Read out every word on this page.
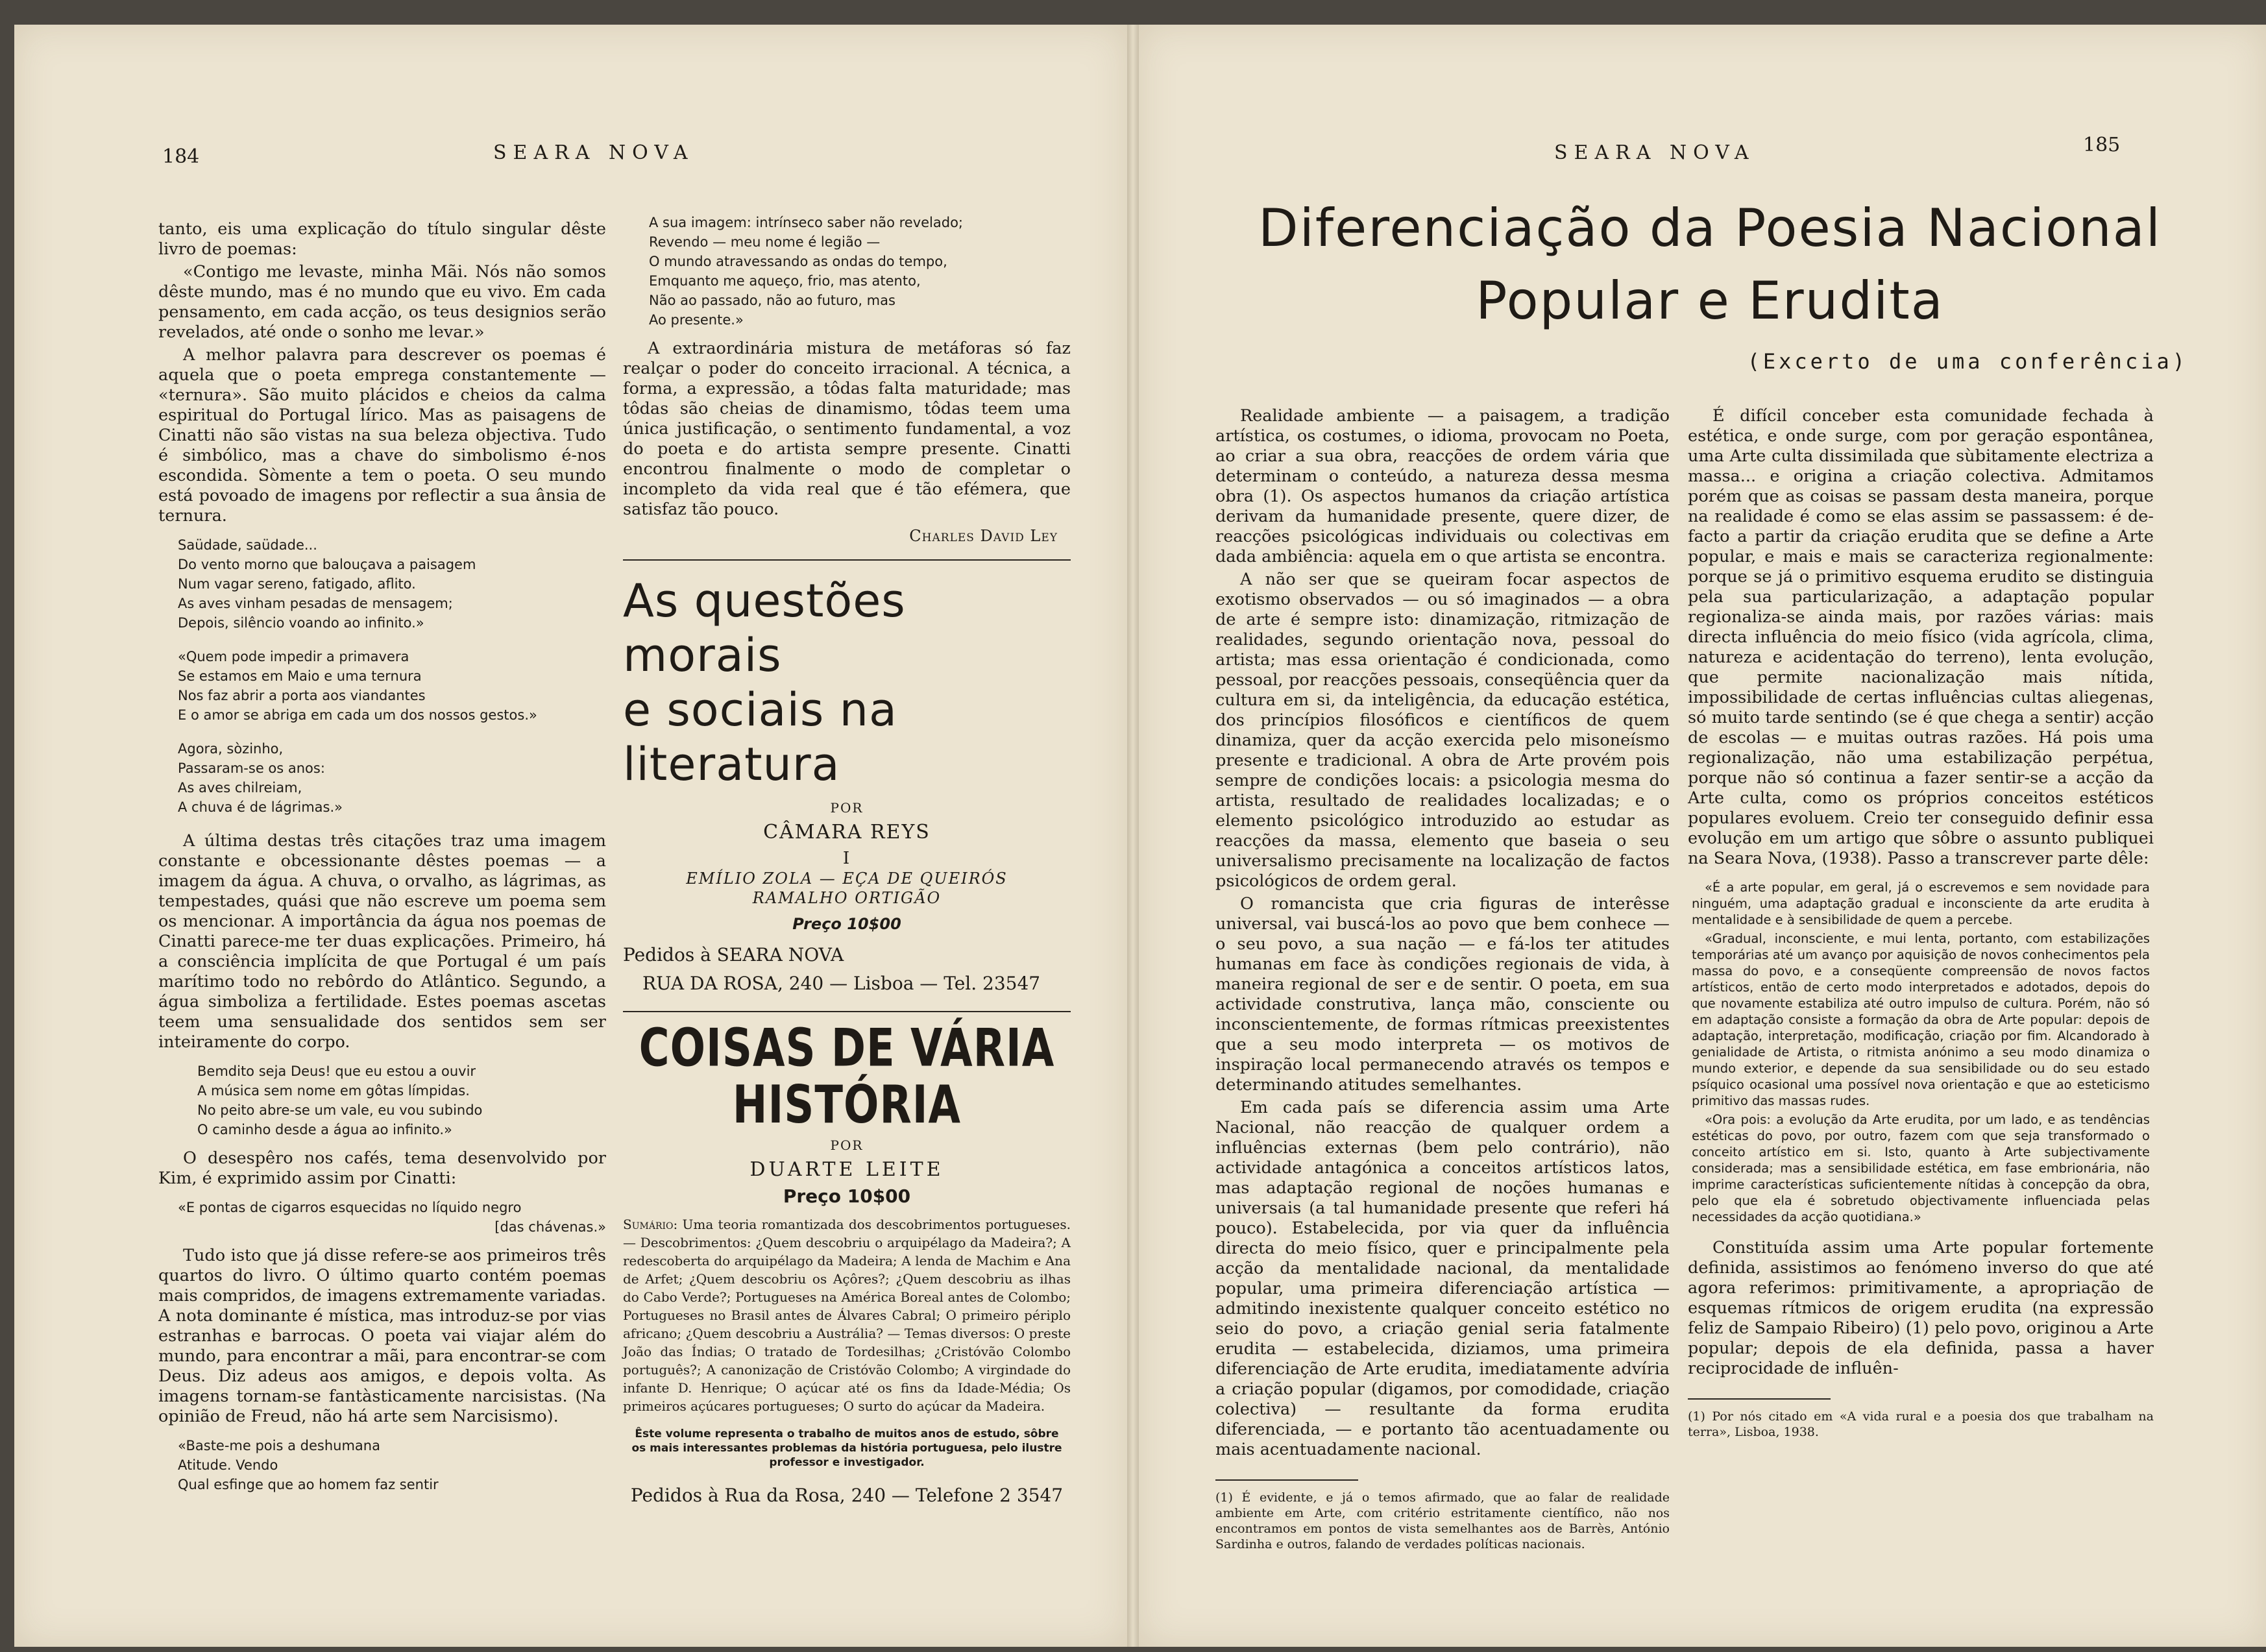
184	SEARA NOVA

tanto, eis uma explicação do título singular dêste livro de poemas:

«Contigo me levaste, minha Mãi. Nós não somos dêste mundo, mas é no mundo que eu vivo. Em cada pensamento, em cada acção, os teus designios serão revelados, até onde o sonho me levar.»

A melhor palavra para descrever os poemas é aquela que o poeta emprega constantemente — «ternura». São muito plácidos e cheios da calma espiritual do Portugal lírico. Mas as paisagens de Cinatti não são vistas na sua beleza objectiva. Tudo é simbólico, mas a chave do simbolismo é-nos escondida. Sòmente a tem o poeta. O seu mundo está povoado de imagens por reflectir a sua ânsia de ternura.

Saüdade, saüdade...
Do vento morno que balouçava a paisagem
Num vagar sereno, fatigado, aflito.
As aves vinham pesadas de mensagem;
Depois, silêncio voando ao infinito.»
«Quem pode impedir a primavera
Se estamos em Maio e uma ternura
Nos faz abrir a porta aos viandantes
E o amor se abriga em cada um dos nossos gestos.»
Agora, sòzinho,
Passaram-se os anos:
As aves chilreiam,
A chuva é de lágrimas.»

A última destas três citações traz uma imagem constante e obcessionante dêstes poemas — a imagem da água. A chuva, o orvalho, as lágrimas, as tempestades, quási que não escreve um poema sem os mencionar. A importância da água nos poemas de Cinatti parece-me ter duas explicações. Primeiro, há a consciência implícita de que Portugal é um país marítimo todo no rebôrdo do Atlântico. Segundo, a água simboliza a fertilidade. Estes poemas ascetas teem uma sensualidade dos sentidos sem ser inteiramente do corpo.

Bemdito seja Deus! que eu estou a ouvir
A música sem nome em gôtas límpidas.
No peito abre-se um vale, eu vou subindo
O caminho desde a água ao infinito.»

O desespêro nos cafés, tema desenvolvido por Kim, é exprimido assim por Cinatti:

«E pontas de cigarros esquecidas no líquido negro
[das chávenas.»

Tudo isto que já disse refere-se aos primeiros três quartos do livro. O último quarto contém poemas mais compridos, de imagens extremamente variadas. A nota dominante é mística, mas introduz-se por vias estranhas e barrocas. O poeta vai viajar além do mundo, para encontrar a mãi, para encontrar-se com Deus. Diz adeus aos amigos, e depois volta. As imagens tornam-se fantàsticamente narcisistas. (Na opinião de Freud, não há arte sem Narcisismo).

«Baste-me pois a deshumana
Atitude. Vendo
Qual esfinge que ao homem faz sentir
A sua imagem: intrínseco saber não revelado;
Revendo — meu nome é legião —
O mundo atravessando as ondas do tempo,
Emquanto me aqueço, frio, mas atento,
Não ao passado, não ao futuro, mas
Ao presente.»

A extraordinária mistura de metáforas só faz realçar o poder do conceito irracional. A técnica, a forma, a expressão, a tôdas falta maturidade; mas tôdas são cheias de dinamismo, tôdas teem uma única justificação, o sentimento fundamental, a voz do poeta e do artista sempre presente. Cinatti encontrou finalmente o modo de completar o incompleto da vida real que é tão efémera, que satisfaz tão pouco.

Charles David Ley
As questões morais
e sociais na literatura
POR
CÂMARA REYS
I
EMÍLIO ZOLA — EÇA DE QUEIRÓS
RAMALHO ORTIGÃO
Preço 10$00
Pedidos à SEARA NOVA
RUA DA ROSA, 240 — Lisboa — Tel. 23547
COISAS DE VÁRIA HISTÓRIA
POR
DUARTE LEITE
Preço 10$00
Sumário: Uma teoria romantizada dos descobrimentos portugueses.— Descobrimentos: ¿Quem descobriu o arquipélago da Madeira?; A redescoberta do arquipélago da Madeira; A lenda de Machim e Ana de Arfet; ¿Quem descobriu os Açôres?; ¿Quem descobriu as ilhas do Cabo Verde?; Portugueses na América Boreal antes de Colombo; Portugueses no Brasil antes de Álvares Cabral; O primeiro périplo africano; ¿Quem descobriu a Austrália? — Temas diversos: O preste João das Índias; O tratado de Tordesilhas; ¿Cristóvão Colombo português?; A canonização de Cristóvão Colombo; A virgindade do infante D. Henrique; O açúcar até os fins da Idade-Média; Os primeiros açúcares portugueses; O surto do açúcar da Madeira.
Êste volume representa o trabalho de muitos anos de estudo, sôbre os mais interessantes problemas da história portuguesa, pelo ilustre professor e investigador.
Pedidos à Rua da Rosa, 240 — Telefone 2 3547
SEARA NOVA	185
Diferenciação da Poesia Nacional
Popular e Erudita
(Excerto de uma conferência)

Realidade ambiente — a paisagem, a tradição artística, os costumes, o idioma, provocam no Poeta, ao criar a sua obra, reacções de ordem vária que determinam o conteúdo, a natureza dessa mesma obra (1). Os aspectos humanos da criação artística derivam da humanidade presente, quere dizer, de reacções psicológicas individuais ou colectivas em dada ambiência: aquela em o que artista se encontra.

A não ser que se queiram focar aspectos de exotismo observados — ou só imaginados — a obra de arte é sempre isto: dinamização, ritmização de realidades, segundo orientação nova, pessoal do artista; mas essa orientação é condicionada, como pessoal, por reacções pessoais, conseqüência quer da cultura em si, da inteligência, da educação estética, dos princípios filosóficos e científicos de quem dinamiza, quer da acção exercida pelo misoneísmo presente e tradicional. A obra de Arte provém pois sempre de condições locais: a psicologia mesma do artista, resultado de realidades localizadas; e o elemento psicológico introduzido ao estudar as reacções da massa, elemento que baseia o seu universalismo precisamente na localização de factos psicológicos de ordem geral.

O romancista que cria figuras de interêsse universal, vai buscá-los ao povo que bem conhece — o seu povo, a sua nação — e fá-los ter atitudes humanas em face às condições regionais de vida, à maneira regional de ser e de sentir. O poeta, em sua actividade construtiva, lança mão, consciente ou inconscientemente, de formas rítmicas preexistentes que a seu modo interpreta — os motivos de inspiração local permanecendo através os tempos e determinando atitudes semelhantes.

Em cada país se diferencia assim uma Arte Nacional, não reacção de qualquer ordem a influências externas (bem pelo contrário), não actividade antagónica a conceitos artísticos latos, mas adaptação regional de noções humanas e universais (a tal humanidade presente que referi há pouco). Estabelecida, por via quer da influência directa do meio físico, quer e principalmente pela acção da mentalidade nacional, da mentalidade popular, uma primeira diferenciação artística — admitindo inexistente qualquer conceito estético no seio do povo, a criação genial seria fatalmente erudita — estabelecida, diziamos, uma primeira diferenciação de Arte erudita, imediatamente advíria a criação popular (digamos, por comodidade, criação colectiva) — resultante da forma erudita diferenciada, — e portanto tão acentuadamente ou mais acentuadamente nacional.

(1) É evidente, e já o temos afirmado, que ao falar de realidade ambiente em Arte, com critério estritamente científico, não nos encontramos em pontos de vista semelhantes aos de Barrès, António Sardinha e outros, falando de verdades políticas nacionais.

É difícil conceber esta comunidade fechada à estética, e onde surge, com por geração espontânea, uma Arte culta dissimilada que sùbitamente electriza a massa... e origina a criação colectiva. Admitamos porém que as coisas se passam desta maneira, porque na realidade é como se elas assim se passassem: é de-facto a partir da criação erudita que se define a Arte popular, e mais e mais se caracteriza regionalmente: porque se já o primitivo esquema erudito se distinguia pela sua particularização, a adaptação popular regionaliza-se ainda mais, por razões várias: mais directa influência do meio físico (vida agrícola, clima, natureza e acidentação do terreno), lenta evolução, que permite nacionalização mais nítida, impossibilidade de certas influências cultas aliegenas, só muito tarde sentindo (se é que chega a sentir) acção de escolas — e muitas outras razões. Há pois uma regionalização, não uma estabilização perpétua, porque não só continua a fazer sentir-se a acção da Arte culta, como os próprios conceitos estéticos populares evoluem. Creio ter conseguido definir essa evolução em um artigo que sôbre o assunto publiquei na Seara Nova, (1938). Passo a transcrever parte dêle:

«É a arte popular, em geral, já o escrevemos e sem novidade para ninguém, uma adaptação gradual e inconsciente da arte erudita à mentalidade e à sensibilidade de quem a percebe.

«Gradual, inconsciente, e mui lenta, portanto, com estabilizações temporárias até um avanço por aquisição de novos conhecimentos pela massa do povo, e a conseqüente compreensão de novos factos artísticos, então de certo modo interpretados e adotados, depois do que novamente estabiliza até outro impulso de cultura. Porém, não só em adaptação consiste a formação da obra de Arte popular: depois de adaptação, interpretação, modificação, criação por fim. Alcandorado à genialidade de Artista, o ritmista anónimo a seu modo dinamiza o mundo exterior, e depende da sua sensibilidade ou do seu estado psíquico ocasional uma possível nova orientação e que ao esteticismo primitivo das massas rudes.

«Ora pois: a evolução da Arte erudita, por um lado, e as tendências estéticas do povo, por outro, fazem com que seja transformado o conceito artístico em si. Isto, quanto à Arte subjectivamente considerada; mas a sensibilidade estética, em fase embrionária, não imprime características suficientemente nítidas à concepção da obra, pelo que ela é sobretudo objectivamente influenciada pelas necessidades da acção quotidiana.»

Constituída assim uma Arte popular fortemente definida, assistimos ao fenómeno inverso do que até agora referimos: primitivamente, a apropriação de esquemas rítmicos de origem erudita (na expressão feliz de Sampaio Ribeiro) (1) pelo povo, originou a Arte popular; depois de ela definida, passa a haver reciprocidade de influên-

(1) Por nós citado em «A vida rural e a poesia dos que trabalham na terra», Lisboa, 1938.
